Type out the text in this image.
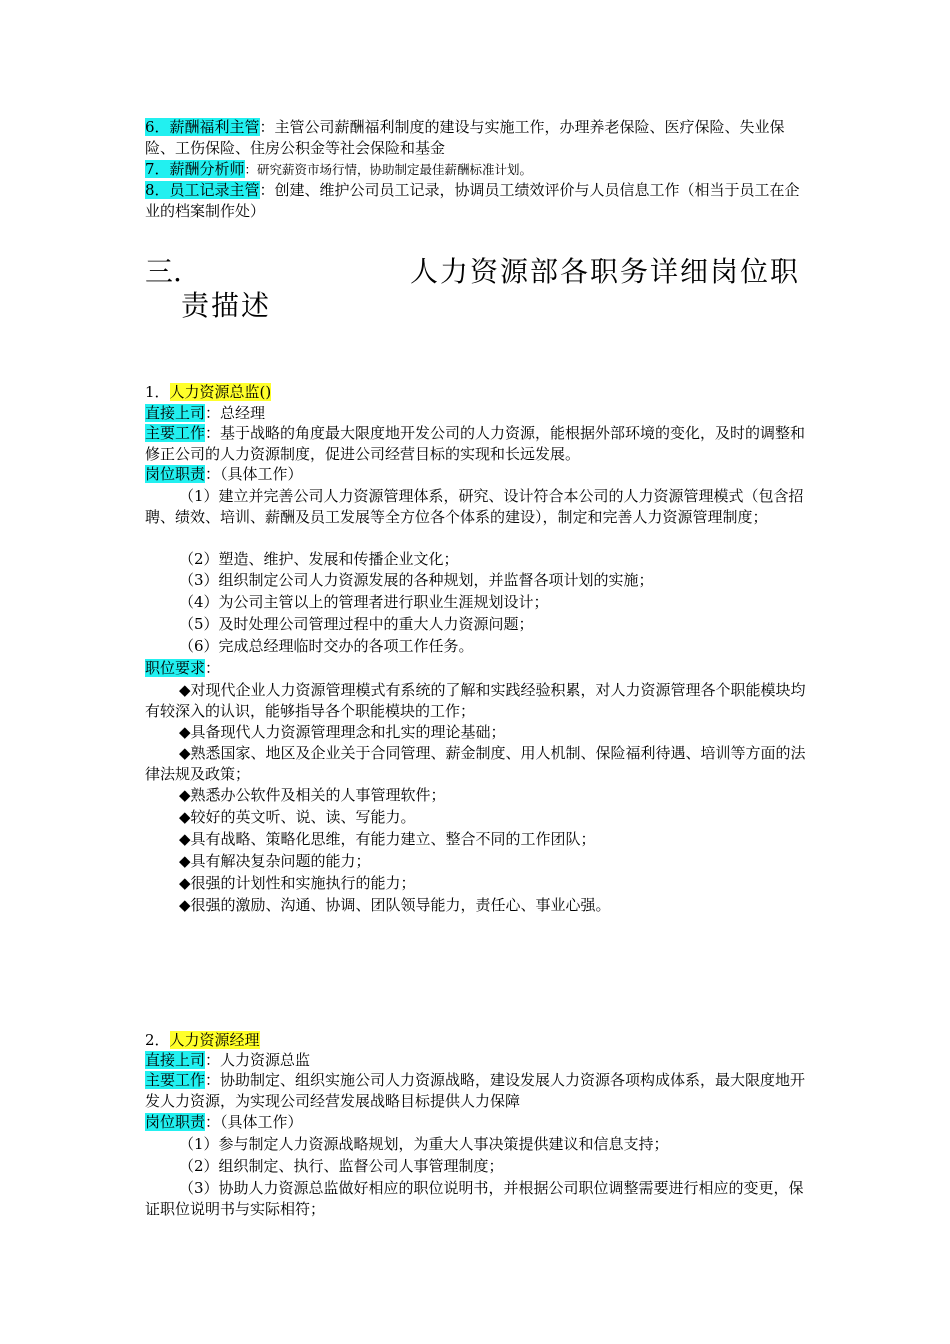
6．薪酬福利主管：主管公司薪酬福利制度的建设与实施工作，办理养老保险、医疗保险、失业保险、工伤保险、住房公积金等社会保险和基金

7．薪酬分析师：研究薪资市场行情，协助制定最佳薪酬标准计划。

8．员工记录主管：创建、维护公司员工记录，协调员工绩效评价与人员信息工作（相当于员工在企业的档案制作处）

三.	人力资源部各职务详细岗位职
责描述

1．人力资源总监()

直接上司：总经理

主要工作：基于战略的角度最大限度地开发公司的人力资源，能根据外部环境的变化，及时的调整和修正公司的人力资源制度，促进公司经营目标的实现和长远发展。

岗位职责：（具体工作）

（1）建立并完善公司人力资源管理体系，研究、设计符合本公司的人力资源管理模式（包含招聘、绩效、培训、薪酬及员工发展等全方位各个体系的建设），制定和完善人力资源管理制度；

（2）塑造、维护、发展和传播企业文化；

（3）组织制定公司人力资源发展的各种规划，并监督各项计划的实施；

（4）为公司主管以上的管理者进行职业生涯规划设计；

（5）及时处理公司管理过程中的重大人力资源问题；

（6）完成总经理临时交办的各项工作任务。

职位要求：

◆对现代企业人力资源管理模式有系统的了解和实践经验积累，对人力资源管理各个职能模块均有较深入的认识，能够指导各个职能模块的工作；

◆具备现代人力资源管理理念和扎实的理论基础；

◆熟悉国家、地区及企业关于合同管理、薪金制度、用人机制、保险福利待遇、培训等方面的法律法规及政策；

◆熟悉办公软件及相关的人事管理软件；

◆较好的英文听、说、读、写能力。

◆具有战略、策略化思维，有能力建立、整合不同的工作团队；

◆具有解决复杂问题的能力；

◆很强的计划性和实施执行的能力；

◆很强的激励、沟通、协调、团队领导能力，责任心、事业心强。

2．人力资源经理

直接上司：人力资源总监

主要工作：协助制定、组织实施公司人力资源战略，建设发展人力资源各项构成体系，最大限度地开发人力资源，为实现公司经营发展战略目标提供人力保障

岗位职责：（具体工作）

（1）参与制定人力资源战略规划，为重大人事决策提供建议和信息支持；

（2）组织制定、执行、监督公司人事管理制度；

（3）协助人力资源总监做好相应的职位说明书，并根据公司职位调整需要进行相应的变更，保证职位说明书与实际相符；
